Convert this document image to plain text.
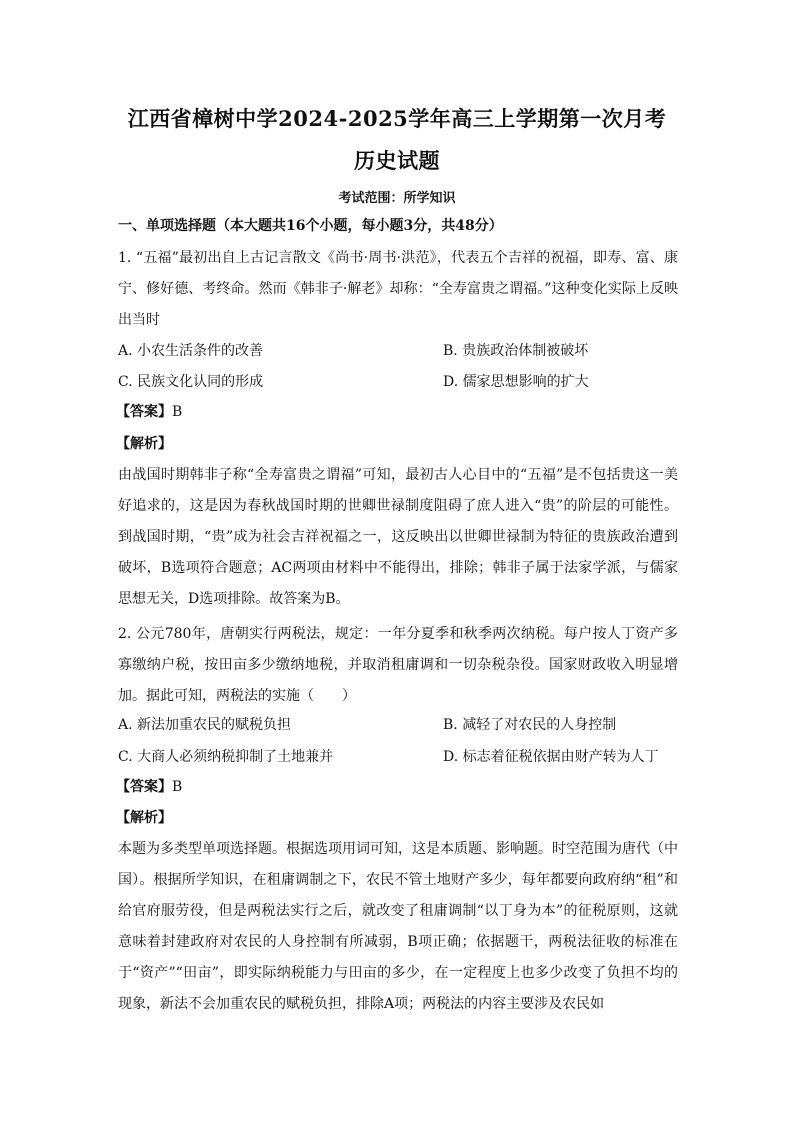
江西省樟树中学2024-2025学年高三上学期第一次月考
历史试题
考试范围：所学知识
一、单项选择题（本大题共16个小题，每小题3分，共48分）

1. “五福”最初出自上古记言散文《尚书·周书·洪范》，代表五个吉祥的祝福，即寿、富、康宁、修好德、考终命。然而《韩非子·解老》却称：“全寿富贵之谓福。”这种变化实际上反映出当时

A. 小农生活条件的改善	B. 贵族政治体制被破坏
C. 民族文化认同的形成	D. 儒家思想影响的扩大
【答案】B
【解析】

由战国时期韩非子称“全寿富贵之谓福”可知，最初古人心目中的“五福”是不包括贵这一美好追求的，这是因为春秋战国时期的世卿世禄制度阻碍了庶人进入“贵”的阶层的可能性。到战国时期，“贵”成为社会吉祥祝福之一，这反映出以世卿世禄制为特征的贵族政治遭到破坏，B选项符合题意；AC两项由材料中不能得出，排除；韩非子属于法家学派，与儒家思想无关，D选项排除。故答案为B。

2. 公元780年，唐朝实行两税法，规定：一年分夏季和秋季两次纳税。每户按人丁资产多寡缴纳户税，按田亩多少缴纳地税，并取消租庸调和一切杂税杂役。国家财政收入明显增加。据此可知，两税法的实施（　　）

A. 新法加重农民的赋税负担	B. 减轻了对农民的人身控制
C. 大商人必须纳税抑制了土地兼并	D. 标志着征税依据由财产转为人丁
【答案】B
【解析】

本题为多类型单项选择题。根据选项用词可知，这是本质题、影响题。时空范围为唐代（中国）。根据所学知识，在租庸调制之下，农民不管土地财产多少，每年都要向政府纳“租”和给官府服劳役，但是两税法实行之后，就改变了租庸调制“以丁身为本”的征税原则，这就意味着封建政府对农民的人身控制有所减弱，B项正确；依据题干，两税法征收的标准在于“资产”“田亩”，即实际纳税能力与田亩的多少，在一定程度上也多少改变了负担不均的现象，新法不会加重农民的赋税负担，排除A项；两税法的内容主要涉及农民如
